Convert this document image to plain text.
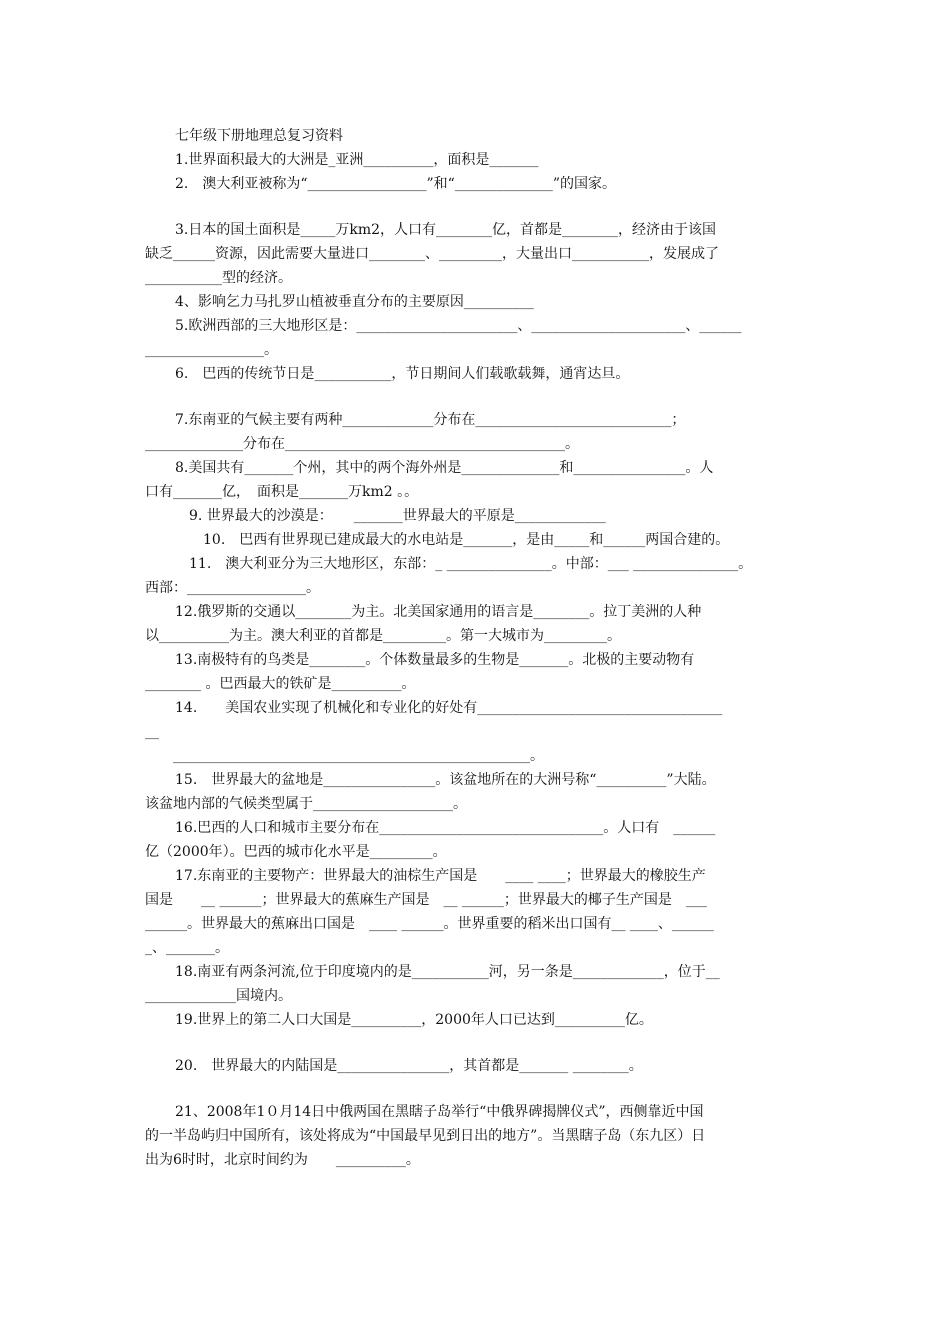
七年级下册地理总复习资料
1.世界面积最大的大洲是_亚洲__________，面积是_______
2.　澳大利亚被称为“_________________”和“______________”的国家。
3.日本的国土面积是_____万km2，人口有________亿，首都是________，经济由于该国
缺乏______资源，因此需要大量进口________、_________，大量出口___________，发展成了
___________型的经济。
4、影响乞力马扎罗山植被垂直分布的主要原因__________
5.欧洲西部的三大地形区是：_______________________、______________________、______
_________________。
6.　巴西的传统节日是___________，节日期间人们载歌载舞，通宵达旦。
7.东南亚的气候主要有两种_____________分布在____________________________；
______________分布在________________________________________。
8.美国共有_______个州，其中的两个海外州是______________和________________。人
口有_______亿，　面积是_______万km2 。。
　9. 世界最大的沙漠是：　　_______世界最大的平原是_____________
　　10.　巴西有世界现已建成最大的水电站是_______，是由_____和______两国合建的。
　11.　澳大利亚分为三大地形区，东部：_ _______________。中部：___ _______________。
西部：_________________。
12.俄罗斯的交通以________为主。北美国家通用的语言是________。拉丁美洲的人种
以__________为主。澳大利亚的首都是_________。第一大城市为_________。
13.南极特有的鸟类是________。个体数量最多的生物是_______。北极的主要动物有
________ 。巴西最大的铁矿是__________。
14.　　美国农业实现了机械化和专业化的好处有___________________________________
__
　　___________________________________________________。
15.　世界最大的盆地是________________。该盆地所在的大洲号称“__________”大陆。
该盆地内部的气候类型属于____________________。
16.巴西的人口和城市主要分布在________________________________。人口有　______
亿（2000年）。巴西的城市化水平是_________。
17.东南亚的主要物产：世界最大的油棕生产国是　　____ ____；世界最大的橡胶生产
国是　　__ ______；世界最大的蕉麻生产国是　__ ______；世界最大的椰子生产国是　___
______。世界最大的蕉麻出口国是　____ ______。世界重要的稻米出口国有__ ____、______
_、_______。
18.南亚有两条河流,位于印度境内的是___________河，另一条是_____________，位于__
_____________国境内。
19.世界上的第二人口大国是__________，2000年人口已达到__________亿。
20.　世界最大的内陆国是________________，其首都是_______ ________。
21、2008年1０月14日中俄两国在黑瞎子岛举行“中俄界碑揭牌仪式”，西侧靠近中国
的一半岛屿归中国所有，该处将成为“中国最早见到日出的地方”。当黑瞎子岛（东九区）日
出为6时时，北京时间约为　　__________。
